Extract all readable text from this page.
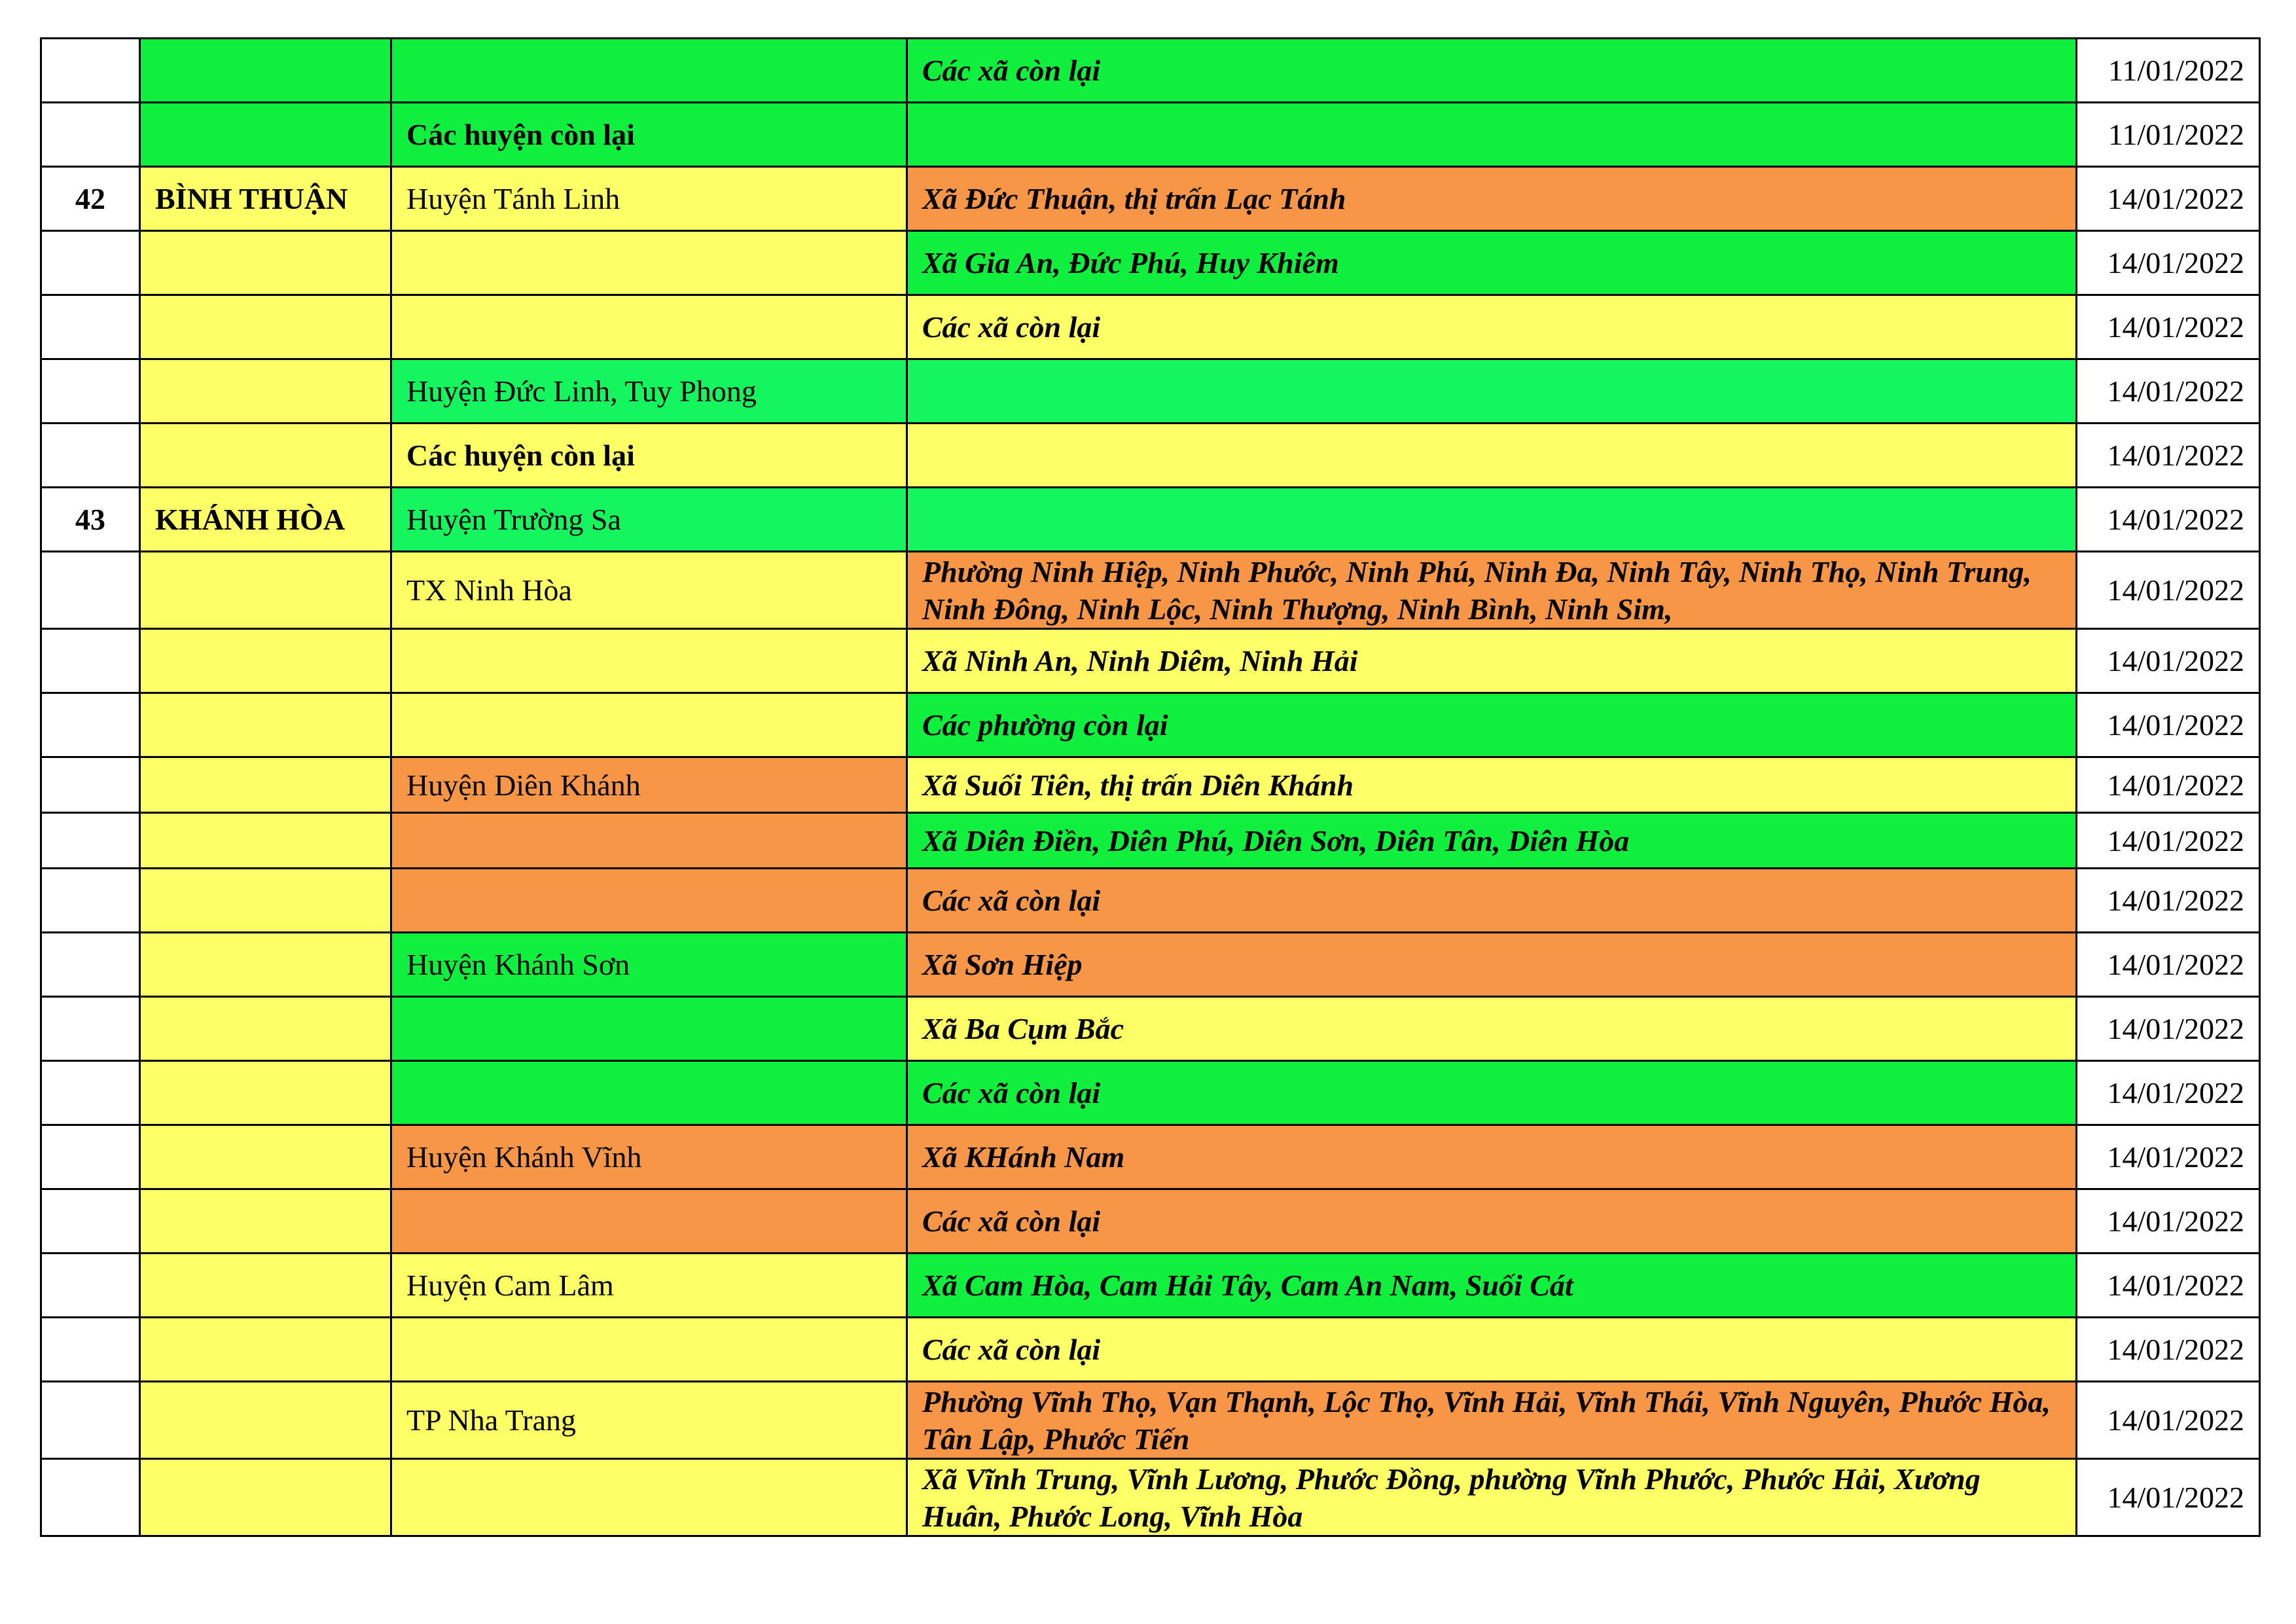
			Các xã còn lại	11/01/2022
		Các huyện còn lại		11/01/2022
42	BÌNH THUẬN	Huyện Tánh Linh	Xã Đức Thuận, thị trấn Lạc Tánh	14/01/2022
			Xã Gia An, Đức Phú, Huy Khiêm	14/01/2022
			Các xã còn lại	14/01/2022
		Huyện Đức Linh, Tuy Phong		14/01/2022
		Các huyện còn lại		14/01/2022
43	KHÁNH HÒA	Huyện Trường Sa		14/01/2022
		TX Ninh Hòa	Phường Ninh Hiệp, Ninh Phước, Ninh Phú, Ninh Đa, Ninh Tây, Ninh Thọ, Ninh Trung, Ninh Đông, Ninh Lộc, Ninh Thượng, Ninh Bình, Ninh Sim,	14/01/2022
			Xã Ninh An, Ninh Diêm, Ninh Hải	14/01/2022
			Các phường còn lại	14/01/2022
		Huyện Diên Khánh	Xã Suối Tiên, thị trấn Diên Khánh	14/01/2022
			Xã Diên Điền, Diên Phú, Diên Sơn, Diên Tân, Diên Hòa	14/01/2022
			Các xã còn lại	14/01/2022
		Huyện Khánh Sơn	Xã Sơn Hiệp	14/01/2022
			Xã Ba Cụm Bắc	14/01/2022
			Các xã còn lại	14/01/2022
		Huyện Khánh Vĩnh	Xã KHánh Nam	14/01/2022
			Các xã còn lại	14/01/2022
		Huyện Cam Lâm	Xã Cam Hòa, Cam Hải Tây, Cam An Nam, Suối Cát	14/01/2022
			Các xã còn lại	14/01/2022
		TP Nha Trang	Phường Vĩnh Thọ, Vạn Thạnh, Lộc Thọ, Vĩnh Hải, Vĩnh Thái, Vĩnh Nguyên, Phước Hòa, Tân Lập, Phước Tiến	14/01/2022
			Xã Vĩnh Trung, Vĩnh Lương, Phước Đồng, phường Vĩnh Phước, Phước Hải, Xương Huân, Phước Long, Vĩnh Hòa	14/01/2022
